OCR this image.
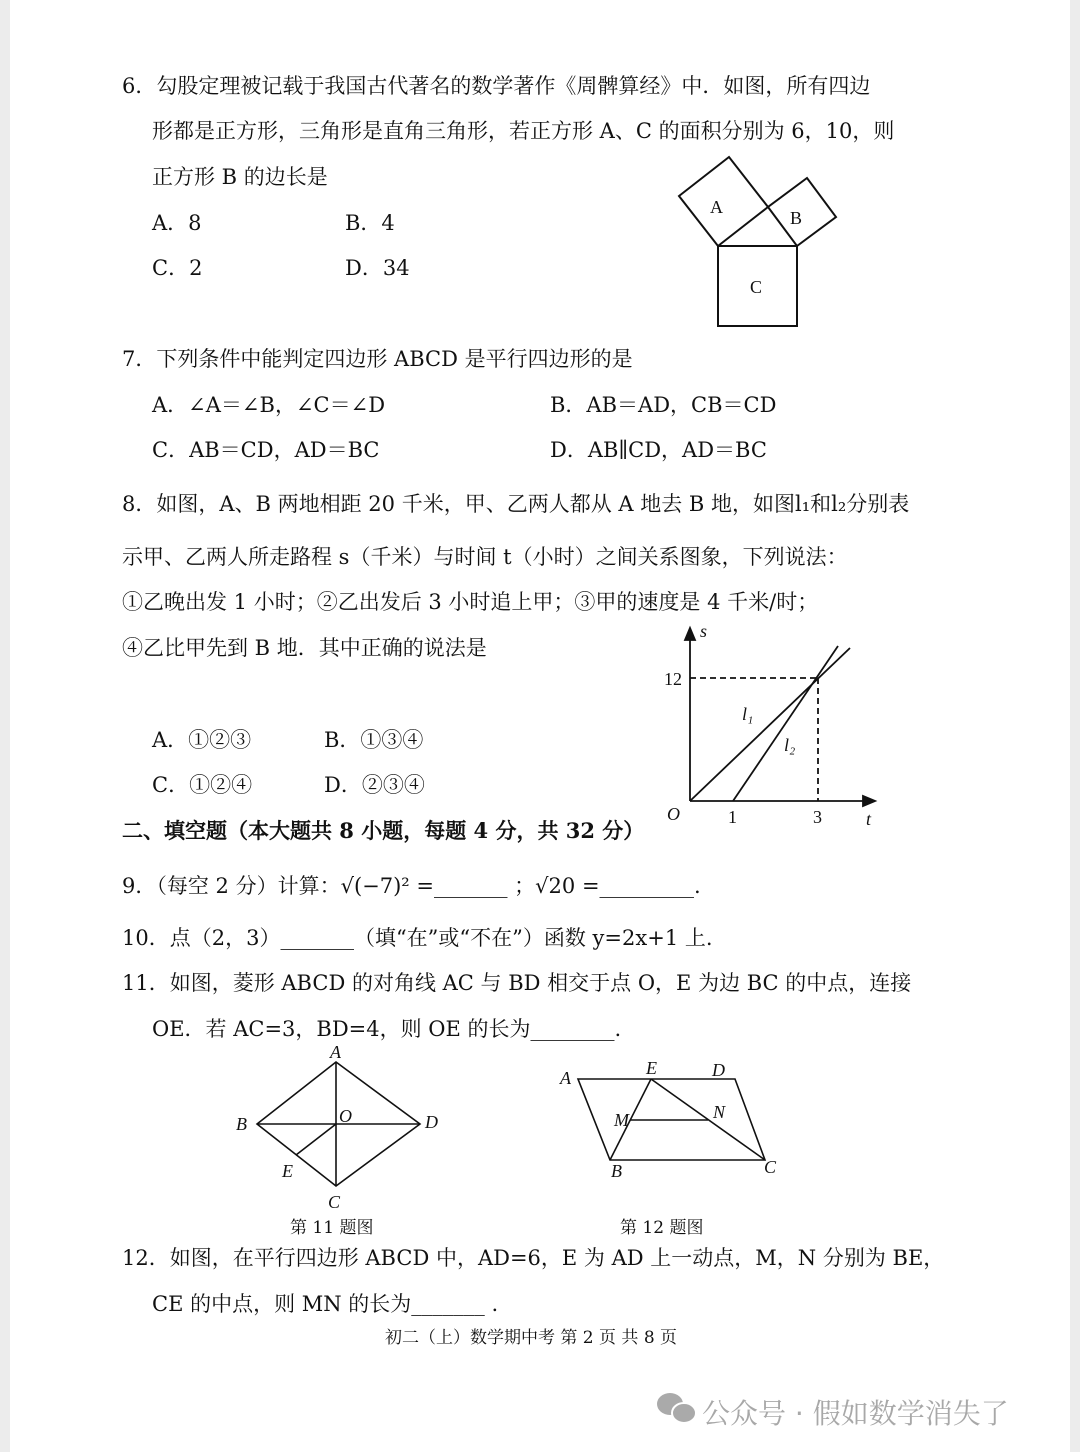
6．勾股定理被记载于我国古代著名的数学著作《周髀算经》中．如图，所有四边
形都是正方形，三角形是直角三角形，若正方形 A、C 的面积分别为 6，10，则
正方形 B 的边长是
A．8	B．4
C．2	D．34
7．下列条件中能判定四边形 ABCD 是平行四边形的是
A．∠A＝∠B，∠C＝∠D	B．AB＝AD，CB＝CD
C．AB＝CD，AD＝BC	D．AB∥CD，AD＝BC
8．如图，A、B 两地相距 20 千米，甲、乙两人都从 A 地去 B 地，如图l₁和l₂分别表
示甲、乙两人所走路程 s（千米）与时间 t（小时）之间关系图象，下列说法：
①乙晚出发 1 小时；②乙出发后 3 小时追上甲；③甲的速度是 4 千米/时；
④乙比甲先到 B 地．其中正确的说法是
A．①②③	B．①③④
C．①②④	D．②③④
二、填空题（本大题共 8 小题，每题 4 分，共 32 分）
9．（每空 2 分）计算：√(−7)² =_______ ；√20 =_________.
10．点（2，3）_______（填“在”或“不在”）函数 y=2x+1 上.
11．如图，菱形 ABCD 的对角线 AC 与 BD 相交于点 O，E 为边 BC 的中点，连接
OE．若 AC=3，BD=4，则 OE 的长为________.
第 11 题图	第 12 题图
12．如图，在平行四边形 ABCD 中，AD=6，E 为 AD 上一动点，M，N 分别为 BE，
CE 的中点，则 MN 的长为_______ .
初二（上）数学期中考 第 2 页 共 8 页
A
B
C
s
12
O	1	3 t
l₁
l₂
A
B
C
D
O
E
A	E	D
M	N
B	C
公众号 · 假如数学消失了
